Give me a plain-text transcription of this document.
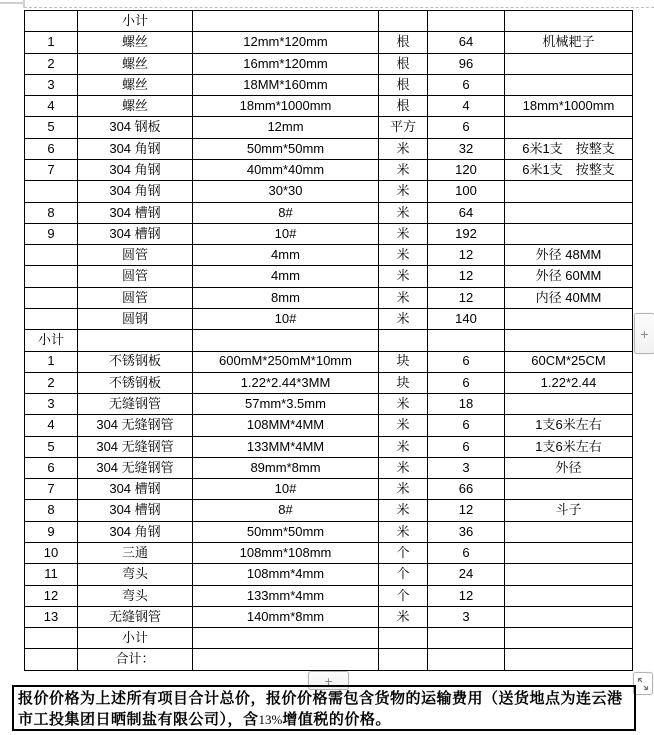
	小计				
1	螺丝	12mm*120mm	根	64	机械耙子
2	螺丝	16mm*120mm	根	96	
3	螺丝	18MM*160mm	根	6	
4	螺丝	18mm*1000mm	根	4	18mm*1000mm
5	304 钢板	12mm	平方	6	
6	304 角钢	50mm*50mm	米	32	6米1支　按整支
7	304 角钢	40mm*40mm	米	120	6米1支　按整支
	304 角钢	30*30	米	100	
8	304 槽钢	8#	米	64	
9	304 槽钢	10#	米	192	
	圆管	4mm	米	12	外径 48MM
	圆管	4mm	米	12	外径 60MM
	圆管	8mm	米	12	内径 40MM
	圆钢	10#	米	140	
小计					
1	不锈钢板	600mM*250mM*10mm	块	6	60CM*25CM
2	不锈钢板	1.22*2.44*3MM	块	6	1.22*2.44
3	无缝钢管	57mm*3.5mm	米	18	
4	304 无缝钢管	108MM*4MM	米	6	1支6米左右
5	304 无缝钢管	133MM*4MM	米	6	1支6米左右
6	304 无缝钢管	89mm*8mm	米	3	外径
7	304 槽钢	10#	米	66	
8	304 槽钢	8#	米	12	斗子
9	304 角钢	50mm*50mm	米	36	
10	三通	108mm*108mm	个	6	
11	弯头	108mm*4mm	个	24	
12	弯头	133mm*4mm	个	12	
13	无缝钢管	140mm*8mm	米	3	
	小计				
	合计：				
+
+
报价价格为上述所有项目合计总价，报价价格需包含货物的运输费用（送货地点为连云港市工投集团日晒制盐有限公司），含13%增值税的价格。
